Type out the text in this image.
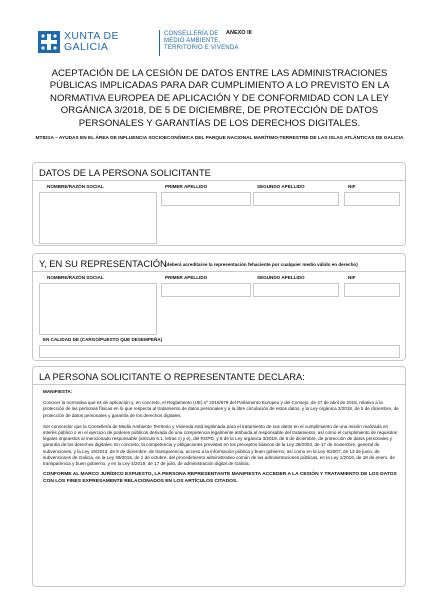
XUNTA DE GALICIA
CONSELLERÍA DE
MEDIO AMBIENTE,
TERRITORIO E VIVENDA
ANEXO III
ACEPTACIÓN DE LA CESIÓN DE DATOS ENTRE LAS ADMINISTRACIONES PÚBLICAS IMPLICADAS PARA DAR CUMPLIMIENTO A LO PREVISTO EN LA NORMATIVA EUROPEA DE APLICACIÓN Y DE CONFORMIDAD CON LA LEY ORGÁNICA 3/2018, DE 5 DE DICIEMBRE, DE PROTECCIÓN DE DATOS PERSONALES Y GARANTÍAS DE LOS DERECHOS DIGITALES.
MT821A – AYUDAS EN EL ÁREA DE INFLUENCIA SOCIOECONÓMICA DEL PARQUE NACIONAL MARÍTIMO-TERRESTRE DE LAS ISLAS ATLÁNTICAS DE GALICIA
DATOS DE LA PERSONA SOLICITANTE
NOMBRE/RAZÓN SOCIAL	PRIMER APELLIDO	SEGUNDO APELLIDO	NIF
Y, EN SU REPRESENTACIÓN
(deberá acreditarse la representación fehaciente por cualquier medio válido en derecho)
NOMBRE/RAZÓN SOCIAL	PRIMER APELLIDO	SEGUNDO APELLIDO	NIF
EN CALIDAD DE (CARGO/PUESTO QUE DESEMPEÑA)
LA PERSONA SOLICITANTE O REPRESENTANTE DECLARA:

MANIFIESTA:

Conocer la normativa que es de aplicación y, en concreto, el Reglamento (UE) nº 2016/679 del Parlamento Europeo y del Consejo, de 27 de abril de 2016, relativo a la protección de las personas físicas en lo que respecta al tratamiento de datos personales y a la libre circulación de estos datos, y la Ley orgánica 3/2018, de 5 de diciembre, de protección de datos personales y garantía de los derechos digitales.

Ser conocedor que la Consellería de Medio Ambiente Territorio y Vivienda está legitimada para el tratamiento de sus datos en el cumplimiento de una misión realizada en interés público o en el ejercicio de poderes públicos derivada de una competencia legalmente atribuida al responsable del tratamiento, así como el cumplimiento de requisitos legales impuestos al mencionado responsable (artículo 6.1, letras c) y e), del RGPD, y 8 de la Ley orgánica 3/2018, de 5 de diciembre, de protección de datos personales y garantía de los derechos digitales. En concreto, la competencia y obligaciones previstas en los preceptos básicos de la Ley 38/2003, de 17 de noviembre, general de subvenciones, y la Ley 19/2013, de 9 de diciembre, de transparencia, acceso a la información pública y buen gobierno, así como en la Ley 9/2007, de 13 de junio, de subvenciones de Galicia, en la Ley 39/2015, de 1 de octubre, del procedimiento administrativo común de las administraciones públicas, en la Ley 1/2016, de 18 de enero, de transparencia y buen gobierno, y en la Ley 4/2019, de 17 de julio, de administración digital de Galicia.

CONFORME AL MARCO JURÍDICO EXPUESTO, LA PERSONA REPRESENTANTE MANIFIESTA ACCEDER A LA CESIÓN Y TRATAMIENTO DE LOS DATOS CON LOS FINES EXPRESAMENTE RELACIONADOS EN LOS ARTÍCULOS CITADOS.
